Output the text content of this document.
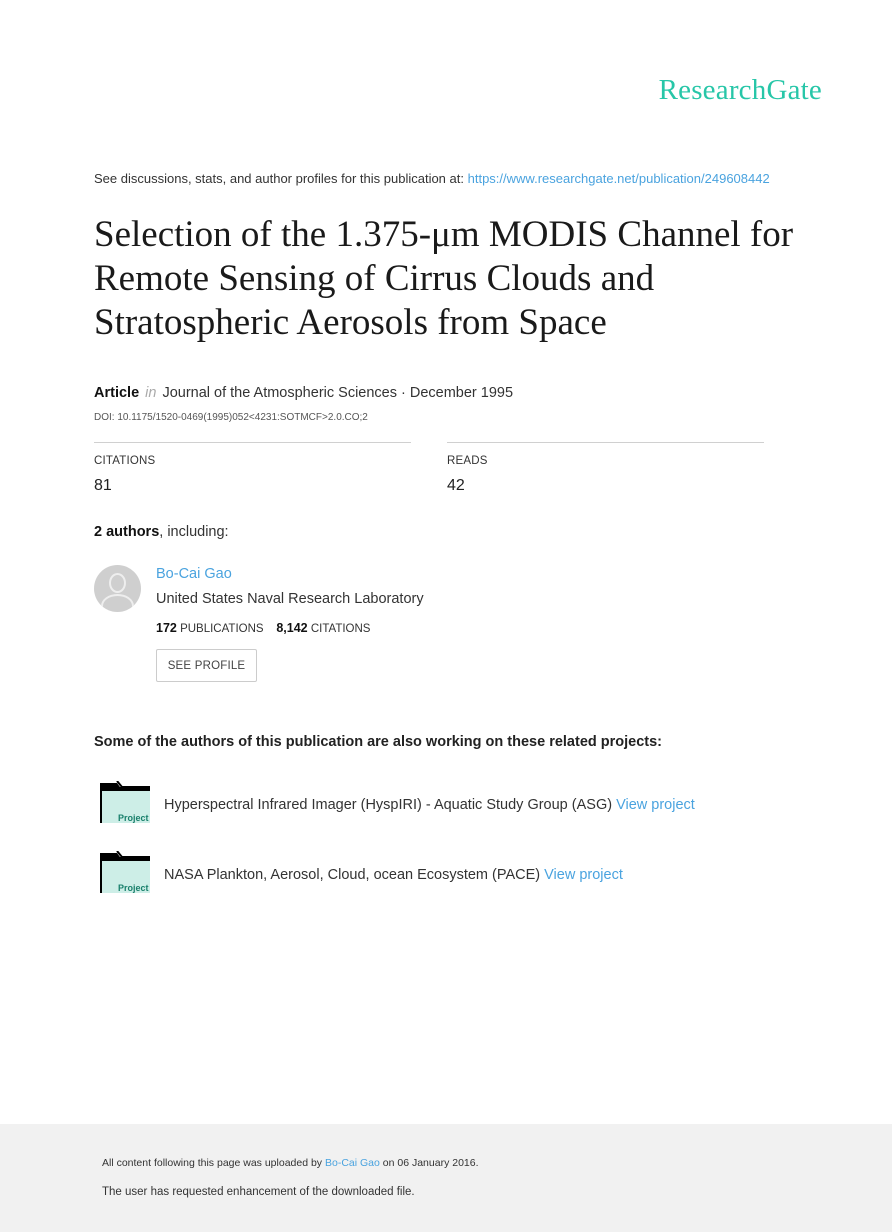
ResearchGate
See discussions, stats, and author profiles for this publication at: https://www.researchgate.net/publication/249608442
Selection of the 1.375-μm MODIS Channel for Remote Sensing of Cirrus Clouds and Stratospheric Aerosols from Space
Article in Journal of the Atmospheric Sciences · December 1995
DOI: 10.1175/1520-0469(1995)052<4231:SOTMCF>2.0.CO;2
CITATIONS
81
READS
42
2 authors, including:
Bo-Cai Gao
United States Naval Research Laboratory
172 PUBLICATIONS 8,142 CITATIONS
SEE PROFILE
Some of the authors of this publication are also working on these related projects:
Project
Hyperspectral Infrared Imager (HyspIRI) - Aquatic Study Group (ASG) View project
Project
NASA Plankton, Aerosol, Cloud, ocean Ecosystem (PACE) View project
All content following this page was uploaded by Bo-Cai Gao on 06 January 2016.
The user has requested enhancement of the downloaded file.
